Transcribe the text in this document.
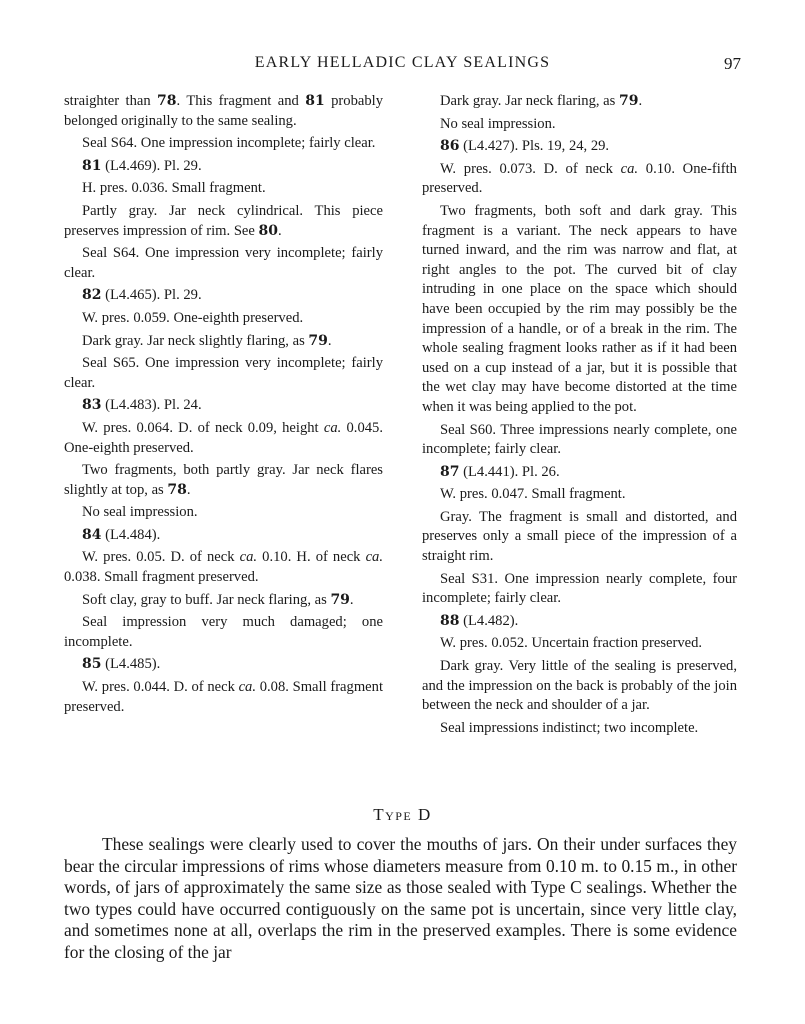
EARLY HELLADIC CLAY SEALINGS	97

straighter than 78. This fragment and 81 probably belonged originally to the same sealing.

Seal S64. One impression incomplete; fairly clear.

81 (L4.469). Pl. 29.

H. pres. 0.036. Small fragment.

Partly gray. Jar neck cylindrical. This piece preserves impression of rim. See 80.

Seal S64. One impression very incomplete; fairly clear.

82 (L4.465). Pl. 29.

W. pres. 0.059. One-eighth preserved.

Dark gray. Jar neck slightly flaring, as 79.

Seal S65. One impression very incomplete; fairly clear.

83 (L4.483). Pl. 24.

W. pres. 0.064. D. of neck 0.09, height ca. 0.045. One-eighth preserved.

Two fragments, both partly gray. Jar neck flares slightly at top, as 78.

No seal impression.

84 (L4.484).

W. pres. 0.05. D. of neck ca. 0.10. H. of neck ca. 0.038. Small fragment preserved.

Soft clay, gray to buff. Jar neck flaring, as 79.

Seal impression very much damaged; one incomplete.

85 (L4.485).

W. pres. 0.044. D. of neck ca. 0.08. Small fragment preserved.

Dark gray. Jar neck flaring, as 79.

No seal impression.

86 (L4.427). Pls. 19, 24, 29.

W. pres. 0.073. D. of neck ca. 0.10. One-fifth preserved.

Two fragments, both soft and dark gray. This fragment is a variant. The neck appears to have turned inward, and the rim was narrow and flat, at right angles to the pot. The curved bit of clay intruding in one place on the space which should have been occupied by the rim may possibly be the impression of a handle, or of a break in the rim. The whole sealing fragment looks rather as if it had been used on a cup instead of a jar, but it is possible that the wet clay may have become distorted at the time when it was being applied to the pot.

Seal S60. Three impressions nearly complete, one incomplete; fairly clear.

87 (L4.441). Pl. 26.

W. pres. 0.047. Small fragment.

Gray. The fragment is small and distorted, and preserves only a small piece of the impression of a straight rim.

Seal S31. One impression nearly complete, four incomplete; fairly clear.

88 (L4.482).

W. pres. 0.052. Uncertain fraction preserved.

Dark gray. Very little of the sealing is preserved, and the impression on the back is probably of the join between the neck and shoulder of a jar.

Seal impressions indistinct; two incomplete.

Type D

These sealings were clearly used to cover the mouths of jars. On their under surfaces they bear the circular impressions of rims whose diameters measure from 0.10 m. to 0.15 m., in other words, of jars of approximately the same size as those sealed with Type C sealings. Whether the two types could have occurred contiguously on the same pot is uncertain, since very little clay, and sometimes none at all, overlaps the rim in the preserved examples. There is some evidence for the closing of the jar
